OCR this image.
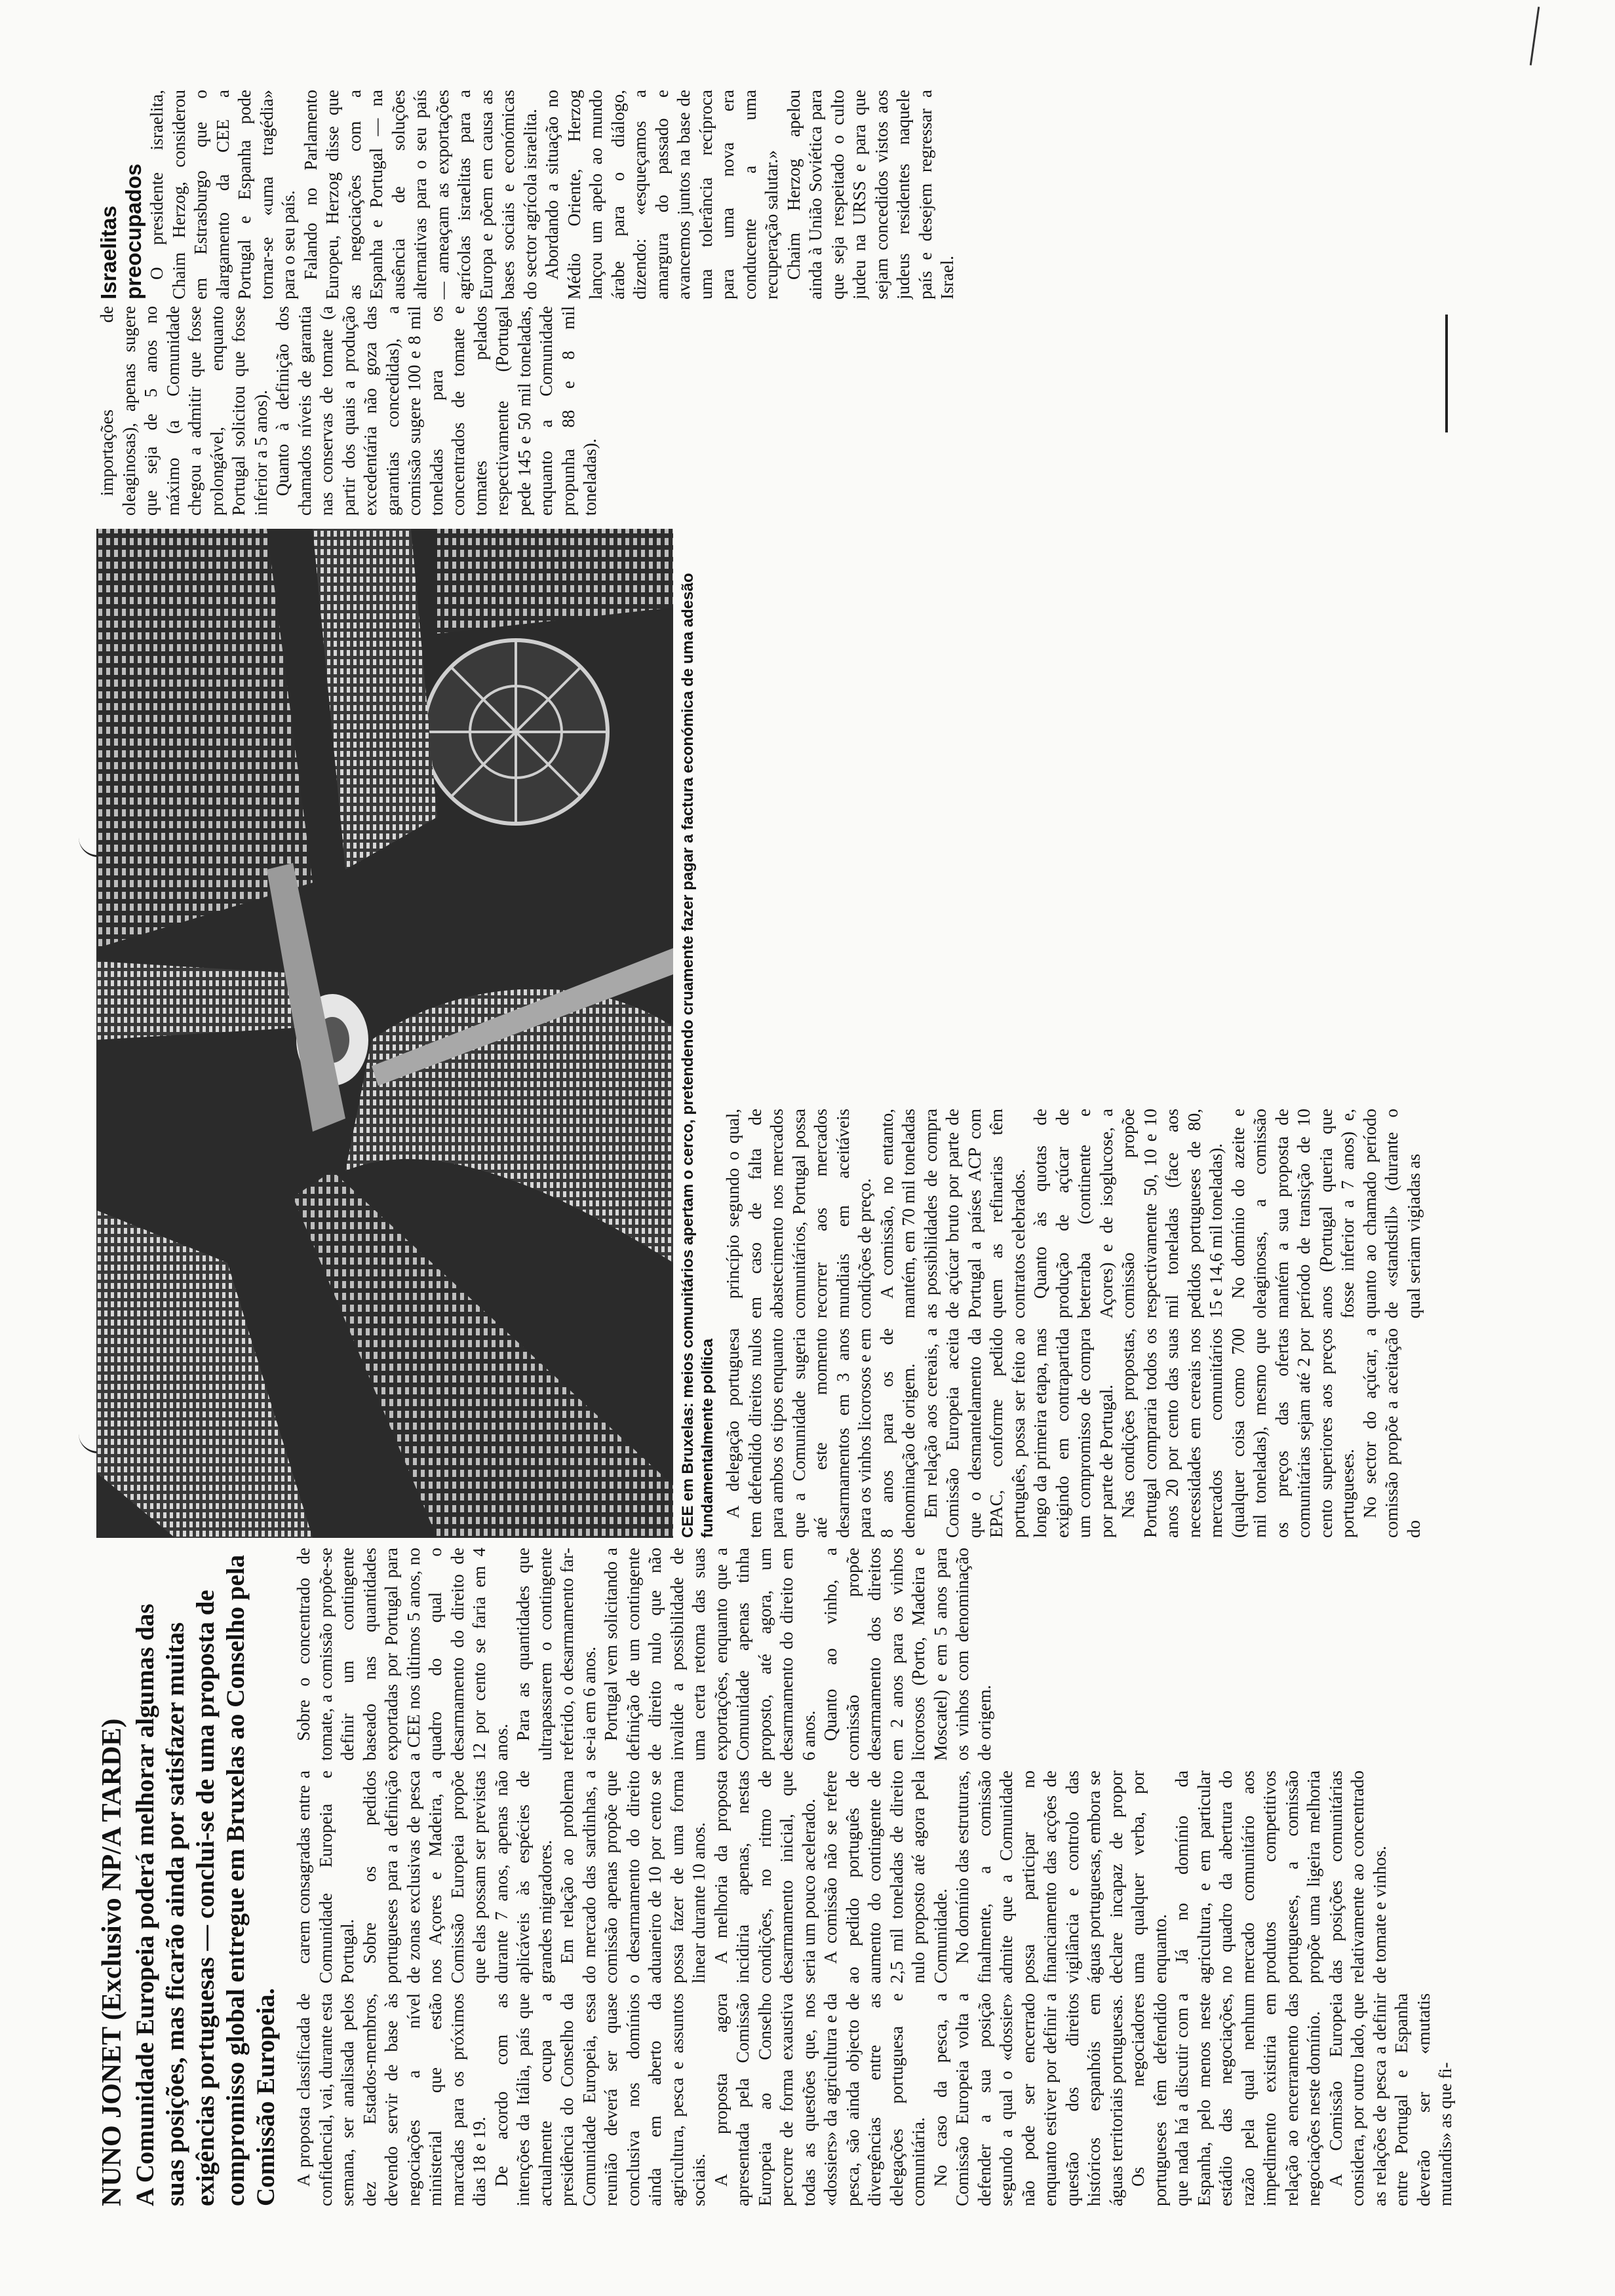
NUNO JONET (Exclusivo NP/A TARDE) A Comunidade Europeia poderá melhorar algumas das suas posições, mas ficarão ainda por satisfazer muitas exigências portuguesas — conclui-se de uma proposta de compromisso global entregue em Bruxelas ao Conselho pela Comissão Europeia.
CEE em Bruxelas: meios comunitários apertam o cerco, pretendendo cruamente fazer pagar a factura económica de uma adesão fundamentalmente política

A proposta classificada de confidencial, vai, durante esta semana, ser analisada pelos dez Estados-membros, devendo servir de base às negociações a nível ministerial que estão marcadas para os próximos dias 18 e 19. De acordo com as intenções da Itália, país que actualmente ocupa a presidência do Conselho da Comunidade Europeia, essa reunião deverá ser quase conclusiva nos domínios ainda em aberto da agricultura, pesca e assuntos sociais. A proposta agora apresentada pela Comissão Europeia ao Conselho percorre de forma exaustiva todas as questões que, nos «dossiers» da agricultura e da pesca, são ainda objecto de divergências entre as delegações portuguesa e comunitária. No caso da pesca, a Comissão Europeia volta a defender a sua posição segundo a qual o «dossier» não pode ser encerrado enquanto estiver por definir a questão dos direitos históricos espanhóis em águas territoriais portuguesas. Os negociadores portugueses têm defendido que nada há a discutir com a Espanha, pelo menos neste estádio das negociações, razão pela qual nenhum impedimento existiria em relação ao encerramento das negociações neste domínio. A Comissão Europeia considera, por outro lado, que as relações de pesca a definir entre Portugal e Espanha deverão ser «mutatis mutandis» as que fi-

carem consagradas entre a Comunidade Europeia e Portugal. Sobre os pedidos portugueses para a definição de zonas exclusivas de pesca nos Açores e Madeira, a Comissão Europeia propõe que elas possam ser previstas durante 7 anos, apenas não aplicáveis às espécies de grandes migradores. Em relação ao problema do mercado das sardinhas, a comissão apenas propõe que o desarmamento do direito aduaneiro de 10 por cento se possa fazer de uma forma linear durante 10 anos. A melhoria da proposta incidiria apenas, nestas condições, no ritmo de desarmamento inicial, que seria um pouco acelerado. A comissão não se refere ao pedido português de aumento do contingente de 2,5 mil toneladas de direito nulo proposto até agora pela Comunidade. No domínio das estruturas, finalmente, a comissão admite que a Comunidade possa participar no financiamento das acções de vigilância e controlo das águas portuguesas, embora se declare incapaz de propor uma qualquer verba, por enquanto. Já no domínio da agricultura, e em particular no quadro da abertura do mercado comunitário aos produtos competitivos portugueses, a comissão propõe uma ligeira melhoria das posições comunitárias relativamente ao concentrado de tomate e vinhos.

Sobre o concentrado de tomate, a comissão propõe-se definir um contingente baseado nas quantidades exportadas por Portugal para a CEE nos últimos 5 anos, no quadro do qual o desarmamento do direito de 12 por cento se faria em 4 anos.

Para as quantidades que ultrapassarem o contingente referido, o desarmamento far-se-ia em 6 anos. Portugal vem solicitando a definição de um contingente de direito nulo que não invalide a possibilidade de uma certa retoma das suas exportações, enquanto que a Comunidade apenas tinha proposto, até agora, um desarmamento do direito em 6 anos. Quanto ao vinho, a comissão propõe desarmamento dos direitos em 2 anos para os vinhos licorosos (Porto, Madeira e Moscatel) e em 5 anos para os vinhos com denominação de origem.

A delegação portuguesa tem defendido direitos nulos para ambos os tipos enquanto que a Comunidade sugeria até este momento desarmamentos em 3 anos para os vinhos licorosos e em 8 anos para os de denominação de origem. Em relação aos cereais, a Comissão Europeia aceita que o desmantelamento da EPAC, conforme pedido português, possa ser feito ao longo da primeira etapa, mas exigindo em contrapartida um compromisso de compra por parte de Portugal. Nas condições propostas, Portugal compraria todos os anos 20 por cento das suas necessidades em cereais nos mercados comunitários (qualquer coisa como 700 mil toneladas), mesmo que os preços das ofertas comunitárias sejam até 2 por cento superiores aos preços portugueses. No sector do açúcar, a comissão propõe a aceitação do

princípio segundo o qual, em caso de falta de abastecimento nos mercados comunitários, Portugal possa recorrer aos mercados mundiais em aceitáveis condições de preço. A comissão, no entanto, mantém, em 70 mil toneladas as possibilidades de compra de açúcar bruto por parte de Portugal a países ACP com quem as refinarias têm contratos celebrados. Quanto às quotas de produção de açúcar de beterraba (continente e Açores) e de isoglucose, a comissão propõe respectivamente 50, 10 e 10 mil toneladas (face aos pedidos portugueses de 80, 15 e 14,6 mil toneladas). No domínio do azeite e oleaginosas, a comissão mantém a sua proposta de período de transição de 10 anos (Portugal queria que fosse inferior a 7 anos) e, quanto ao chamado período de «standstill» (durante o qual seriam vigiadas as

importações de oleaginosas), apenas sugere que seja de 5 anos no máximo (a Comunidade chegou a admitir que fosse prolongável, enquanto Portugal solicitou que fosse inferior a 5 anos). Quanto à definição dos chamados níveis de garantia nas conservas de tomate (a partir dos quais a produção excedentária não goza das garantias concedidas), a comissão sugere 100 e 8 mil toneladas para os concentrados de tomate e tomates pelados respectivamente (Portugal pede 145 e 50 mil toneladas, enquanto a Comunidade propunha 88 e 8 mil toneladas).

Israelitas preocupados O presidente israelita, Chaim Herzog, considerou em Estrasburgo que o alargamento da CEE a Portugal e Espanha pode tornar-se «uma tragédia» para o seu país. Falando no Parlamento Europeu, Herzog disse que as negociações com a Espanha e Portugal — na ausência de soluções alternativas para o seu país — ameaçam as exportações agrícolas israelitas para a Europa e põem em causa as bases sociais e económicas do sector agrícola israelita. Abordando a situação no Médio Oriente, Herzog lançou um apelo ao mundo árabe para o diálogo, dizendo: «esqueçamos a amargura do passado e avancemos juntos na base de uma tolerância recíproca para uma nova era conducente a uma recuperação salutar.» Chaim Herzog apelou ainda à União Soviética para que seja respeitado o culto judeu na URSS e para que sejam concedidos vistos aos judeus residentes naquele país e desejem regressar a Israel.
